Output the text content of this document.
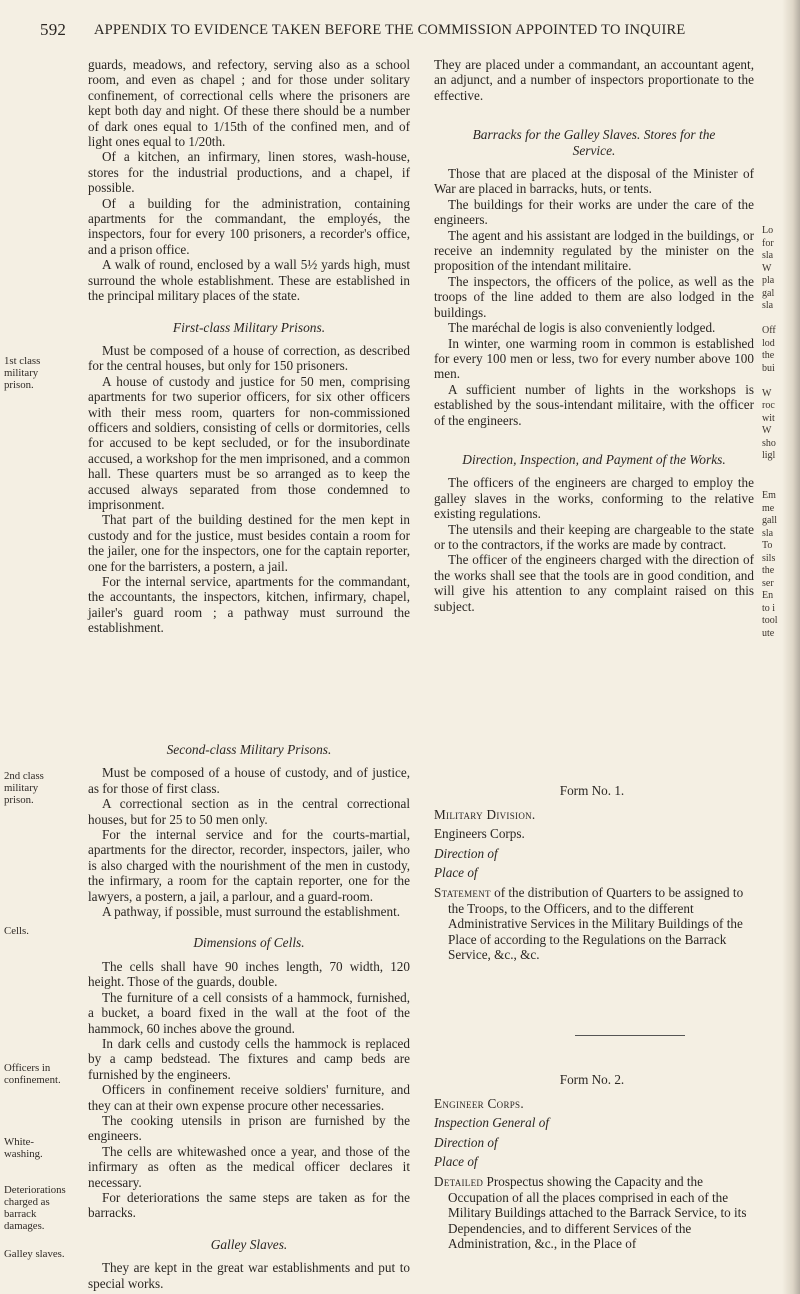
592 APPENDIX TO EVIDENCE TAKEN BEFORE THE COMMISSION APPOINTED TO INQUIRE

guards, meadows, and refectory, serving also as a school room, and even as chapel ; and for those under solitary confinement, of correctional cells where the prisoners are kept both day and night. Of these there should be a number of dark ones equal to 1/15th of the confined men, and of light ones equal to 1/20th.

Of a kitchen, an infirmary, linen stores, wash-house, stores for the industrial productions, and a chapel, if possible.

Of a building for the administration, containing apartments for the commandant, the employés, the inspectors, four for every 100 prisoners, a recorder's office, and a prison office.

A walk of round, enclosed by a wall 5½ yards high, must surround the whole establishment. These are established in the principal military places of the state.

First-class Military Prisons.

Must be composed of a house of correction, as described for the central houses, but only for 150 prisoners.

A house of custody and justice for 50 men, comprising apartments for two superior officers, for six other officers with their mess room, quarters for non-commissioned officers and soldiers, consisting of cells or dormitories, cells for accused to be kept secluded, or for the insubordinate accused, a workshop for the men imprisoned, and a common hall. These quarters must be so arranged as to keep the accused always separated from those condemned to imprisonment.

That part of the building destined for the men kept in custody and for the justice, must besides contain a room for the jailer, one for the inspectors, one for the captain reporter, one for the barristers, a postern, a jail.

For the internal service, apartments for the commandant, the accountants, the inspectors, kitchen, infirmary, chapel, jailer's guard room ; a pathway must surround the establishment.

1st class military prison.

They are placed under a commandant, an accountant agent, an adjunct, and a number of inspectors proportionate to the effective.

Barracks for the Galley Slaves. Stores for the Service.

Those that are placed at the disposal of the Minister of War are placed in barracks, huts, or tents.

The buildings for their works are under the care of the engineers.

The agent and his assistant are lodged in the buildings, or receive an indemnity regulated by the minister on the proposition of the intendant militaire.

The inspectors, the officers of the police, as well as the troops of the line added to them are also lodged in the buildings.

The maréchal de logis is also conveniently lodged.

In winter, one warming room in common is established for every 100 men or less, two for every number above 100 men.

A sufficient number of lights in the workshops is established by the sous-intendant militaire, with the officer of the engineers.

Direction, Inspection, and Payment of the Works.

The officers of the engineers are charged to employ the galley slaves in the works, conforming to the relative existing regulations.

The utensils and their keeping are chargeable to the state or to the contractors, if the works are made by contract.

The officer of the engineers charged with the direction of the works shall see that the tools are in good condition, and will give his attention to any complaint raised on this subject.

Second-class Military Prisons.

Must be composed of a house of custody, and of justice, as for those of first class.

A correctional section as in the central correctional houses, but for 25 to 50 men only.

For the internal service and for the courts-martial, apartments for the director, recorder, inspectors, jailer, who is also charged with the nourishment of the men in custody, the infirmary, a room for the captain reporter, one for the lawyers, a postern, a jail, a parlour, and a guard-room.

A pathway, if possible, must surround the establishment.

Dimensions of Cells.

The cells shall have 90 inches length, 70 width, 120 height. Those of the guards, double.

The furniture of a cell consists of a hammock, furnished, a bucket, a board fixed in the wall at the foot of the hammock, 60 inches above the ground.

In dark cells and custody cells the hammock is replaced by a camp bedstead. The fixtures and camp beds are furnished by the engineers.

Officers in confinement receive soldiers' furniture, and they can at their own expense procure other necessaries.

The cooking utensils in prison are furnished by the engineers.

The cells are whitewashed once a year, and those of the infirmary as often as the medical officer declares it necessary.

For deteriorations the same steps are taken as for the barracks.

Galley Slaves.

They are kept in the great war establishments and put to special works.

2nd class military prison.
Cells.
Officers in confinement.
White-washing.
Deteriorations charged as barrack damages.
Galley slaves.
Form No. 1.
Military Division.
Engineers Corps.
Direction of
Place of
Statement of the distribution of Quarters to be assigned to the Troops, to the Officers, and to the different Administrative Services in the Military Buildings of the Place of according to the Regulations on the Barrack Service, &c., &c.
Form No. 2.
Engineer Corps.
Inspection General of
Direction of
Place of
Detailed Prospectus showing the Capacity and the Occupation of all the places comprised in each of the Military Buildings attached to the Barrack Service, to its Dependencies, and to different Services of the Administration, &c., in the Place of
Lo
for
sla
W
pla
gal
sla

Off
lod
the
bui

W
roc
wit
W
sho
ligl
Em
me
gall
sla
To
sils
the
ser
En
to i
tool
ute
